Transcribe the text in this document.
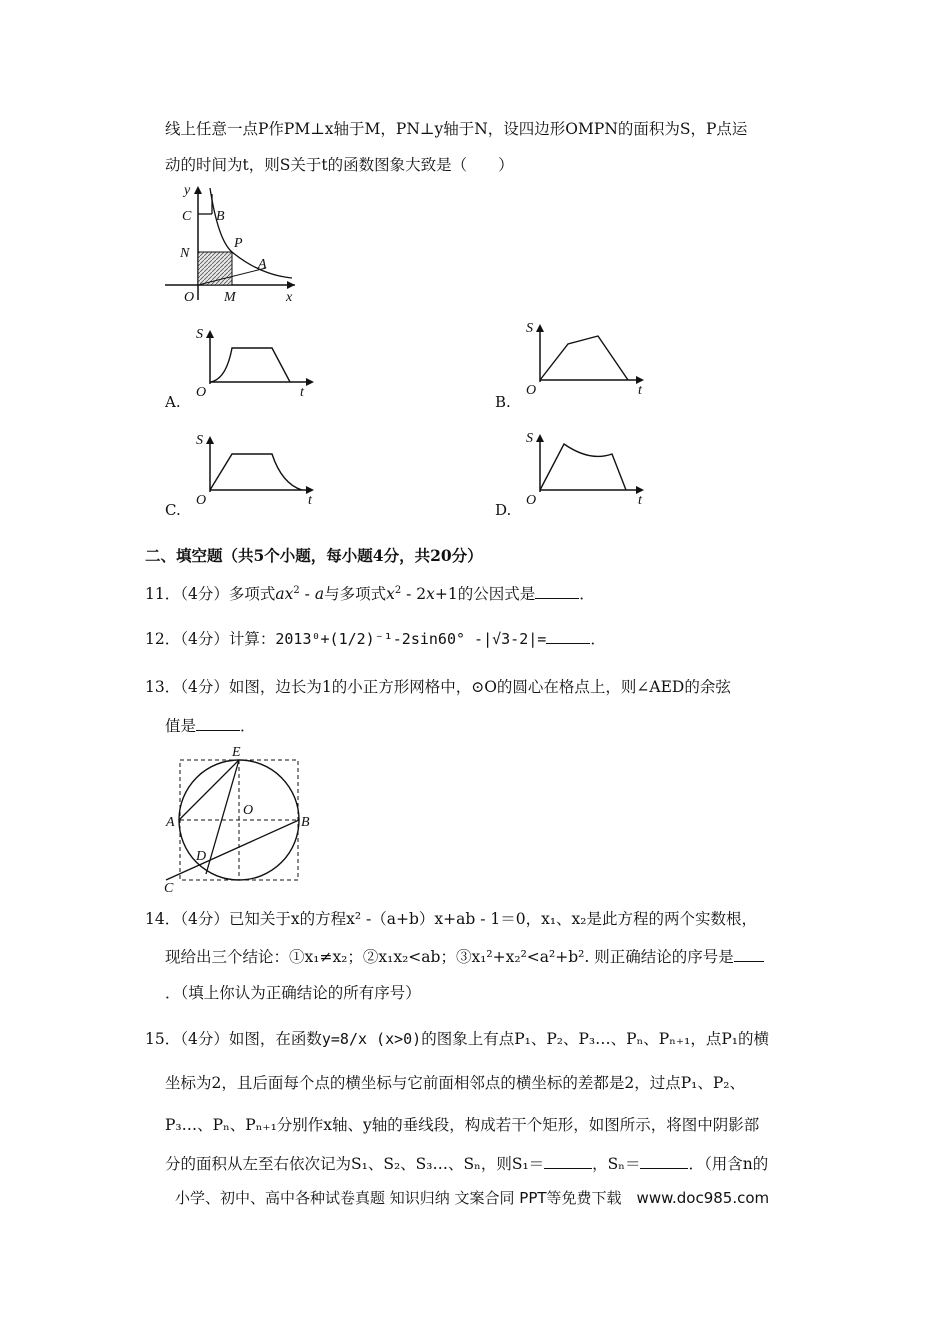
线上任意一点P作PM⊥x轴于M，PN⊥y轴于N，设四边形OMPN的面积为S，P点运
动的时间为t，则S关于t的函数图象大致是（　　）
y
C B
N
P
A
O M	x
S
O	t
A.
S
O	t
B.
S
O	t
C.
S
O	t
D.
二、填空题（共5个小题，每小题4分，共20分）
11．（4分）多项式$ax^2$ - a与多项式$x^2 - 2x+1$的公因式是	．
12．（4分）计算：2013⁰+(1/2)⁻¹-2sin60° -|√3-2|=	．
13．（4分）如图，边长为1的小正方形网格中，⊙O的圆心在格点上，则∠AED的余弦
值是	．
E
O
A	B
D
C
14．（4分）已知关于x的方程x² -（a+b）x+ab - 1＝0，x₁、x₂是此方程的两个实数根，
现给出三个结论：①x₁≠x₂；②x₁x₂<ab；③x₁²+x₂²<a²+b². 则正确结论的序号是
．（填上你认为正确结论的所有序号）
15．（4分）如图，在函数y=8/x (x>0)的图象上有点P₁、P₂、P₃…、Pₙ、Pₙ₊₁，点P₁的横
坐标为2，且后面每个点的横坐标与它前面相邻点的横坐标的差都是2，过点P₁、P₂、
P₃…、Pₙ、Pₙ₊₁分别作x轴、y轴的垂线段，构成若干个矩形，如图所示，将图中阴影部
分的面积从左至右依次记为S₁、S₂、S₃…、Sₙ，则S₁＝	，Sₙ＝	．（用含n的
小学、初中、高中各种试卷真题 知识归纳 文案合同 PPT等免费下载　www.doc985.com
